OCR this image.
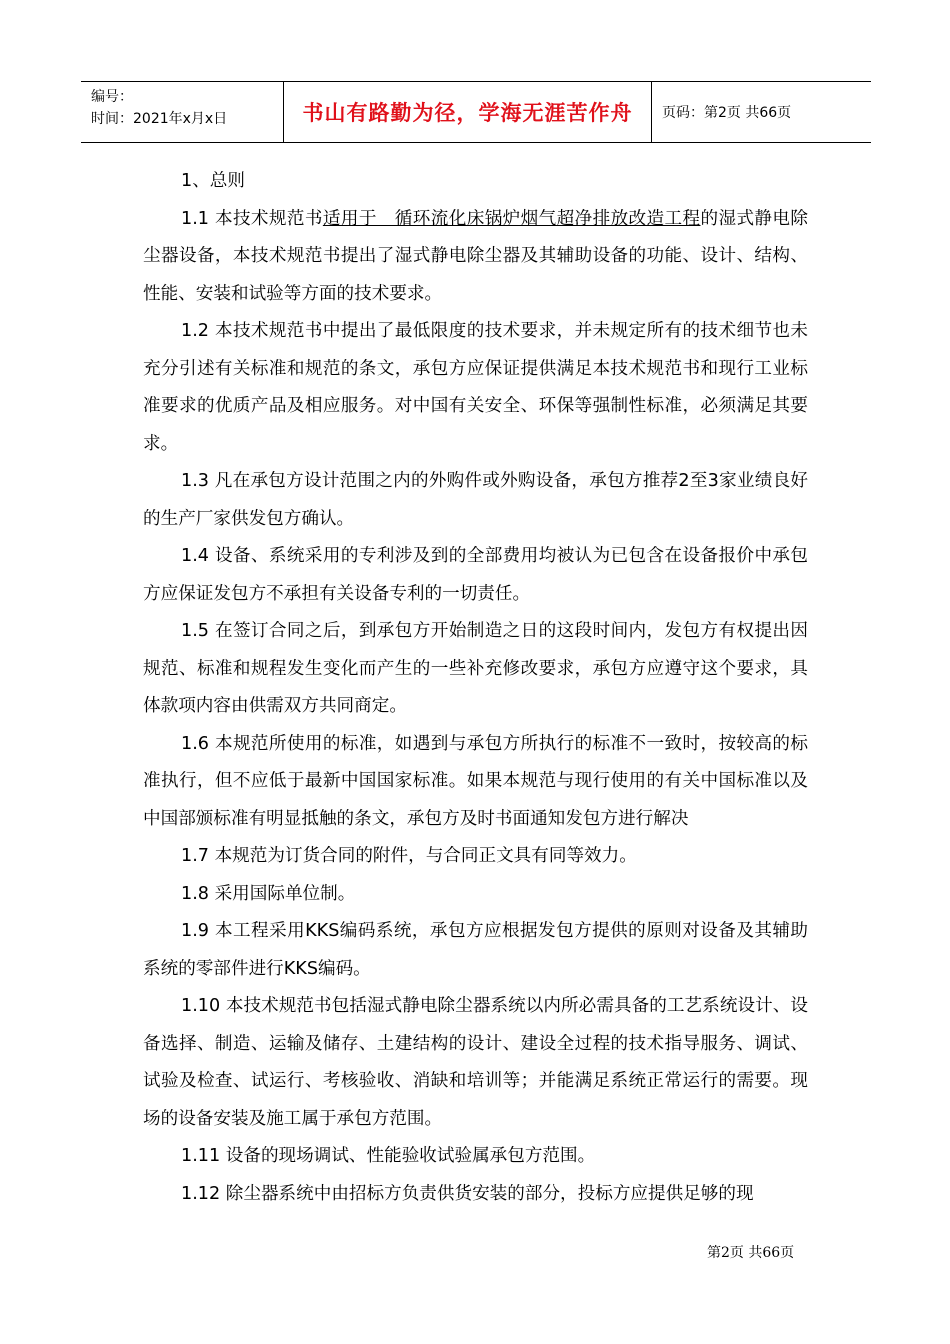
编号：
时间：2021年x月x日	书山有路勤为径，学海无涯苦作舟	页码：第2页 共66页

1、总则

1.1 本技术规范书适用于　循环流化床锅炉烟气超净排放改造工程的湿式静电除尘器设备，本技术规范书提出了湿式静电除尘器及其辅助设备的功能、设计、结构、性能、安装和试验等方面的技术要求。

1.2 本技术规范书中提出了最低限度的技术要求，并未规定所有的技术细节也未充分引述有关标准和规范的条文，承包方应保证提供满足本技术规范书和现行工业标准要求的优质产品及相应服务。对中国有关安全、环保等强制性标准，必须满足其要求。

1.3 凡在承包方设计范围之内的外购件或外购设备，承包方推荐2至3家业绩良好的生产厂家供发包方确认。

1.4 设备、系统采用的专利涉及到的全部费用均被认为已包含在设备报价中承包方应保证发包方不承担有关设备专利的一切责任。

1.5 在签订合同之后，到承包方开始制造之日的这段时间内，发包方有权提出因规范、标准和规程发生变化而产生的一些补充修改要求，承包方应遵守这个要求，具体款项内容由供需双方共同商定。

1.6 本规范所使用的标准，如遇到与承包方所执行的标准不一致时，按较高的标准执行，但不应低于最新中国国家标准。如果本规范与现行使用的有关中国标准以及中国部颁标准有明显抵触的条文，承包方及时书面通知发包方进行解决

1.7 本规范为订货合同的附件，与合同正文具有同等效力。

1.8 采用国际单位制。

1.9 本工程采用KKS编码系统，承包方应根据发包方提供的原则对设备及其辅助系统的零部件进行KKS编码。

1.10 本技术规范书包括湿式静电除尘器系统以内所必需具备的工艺系统设计、设备选择、制造、运输及储存、土建结构的设计、建设全过程的技术指导服务、调试、试验及检查、试运行、考核验收、消缺和培训等；并能满足系统正常运行的需要。现场的设备安装及施工属于承包方范围。

1.11 设备的现场调试、性能验收试验属承包方范围。

1.12 除尘器系统中由招标方负责供货安装的部分，投标方应提供足够的现

第2页 共66页
